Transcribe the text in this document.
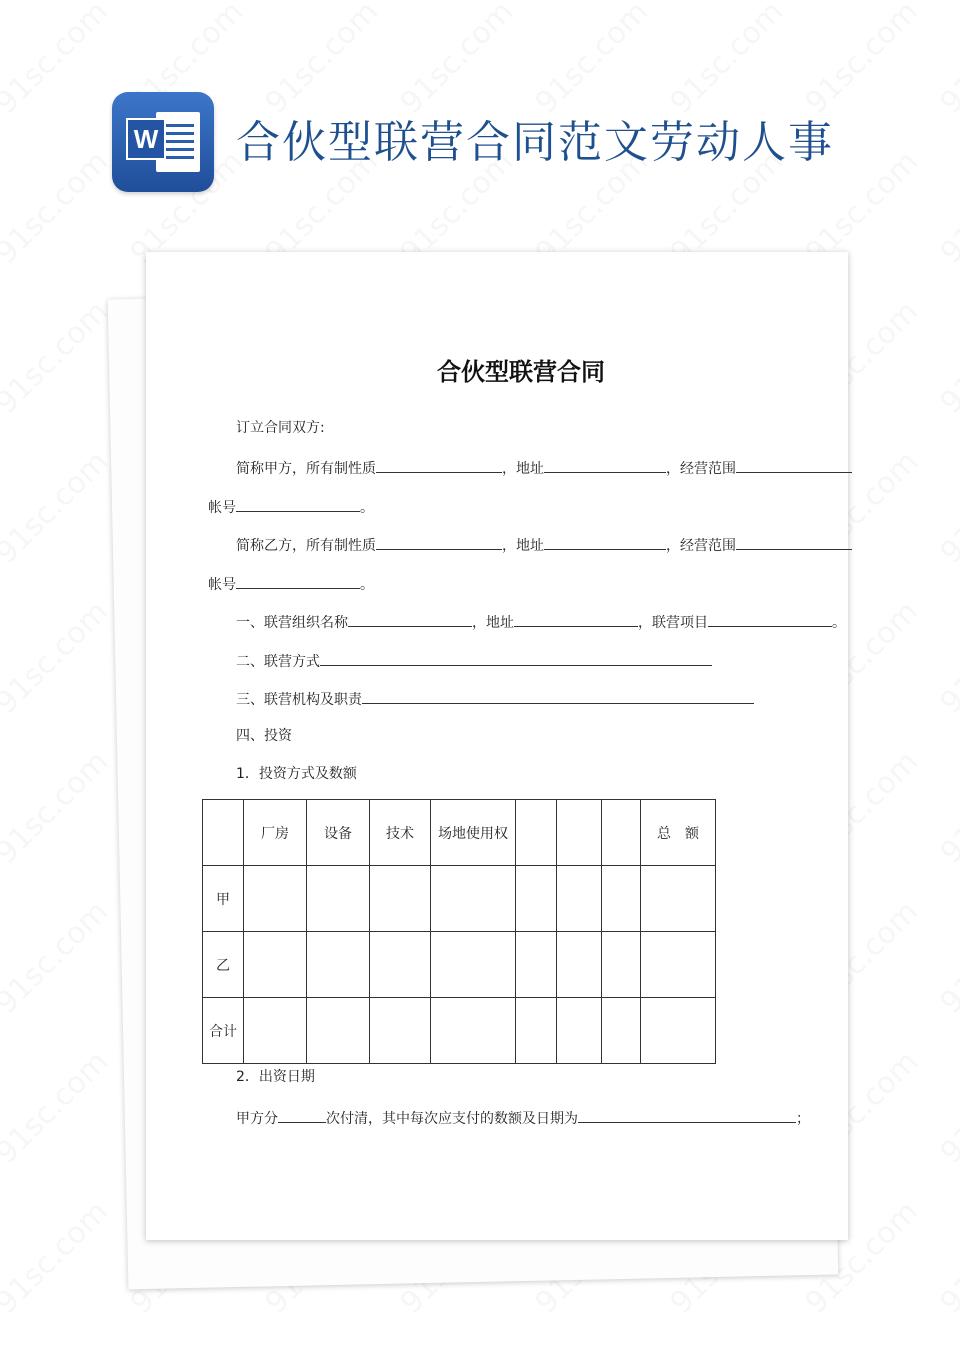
W 合伙型联营合同范文劳动人事
合伙型联营合同
订立合同双方:
简称甲方，所有制性质	，地址	，经营范围
帐号	。
简称乙方，所有制性质	，地址	，经营范围
帐号	。
一、联营组织名称	，地址	，联营项目	。
二、联营方式
三、联营机构及职责
四、投资
1．投资方式及数额
	厂房	设备	技术	场地使用权				总　额
甲								
乙								
合计								
2．出资日期
甲方分	次付清，其中每次应支付的数额及日期为	；
